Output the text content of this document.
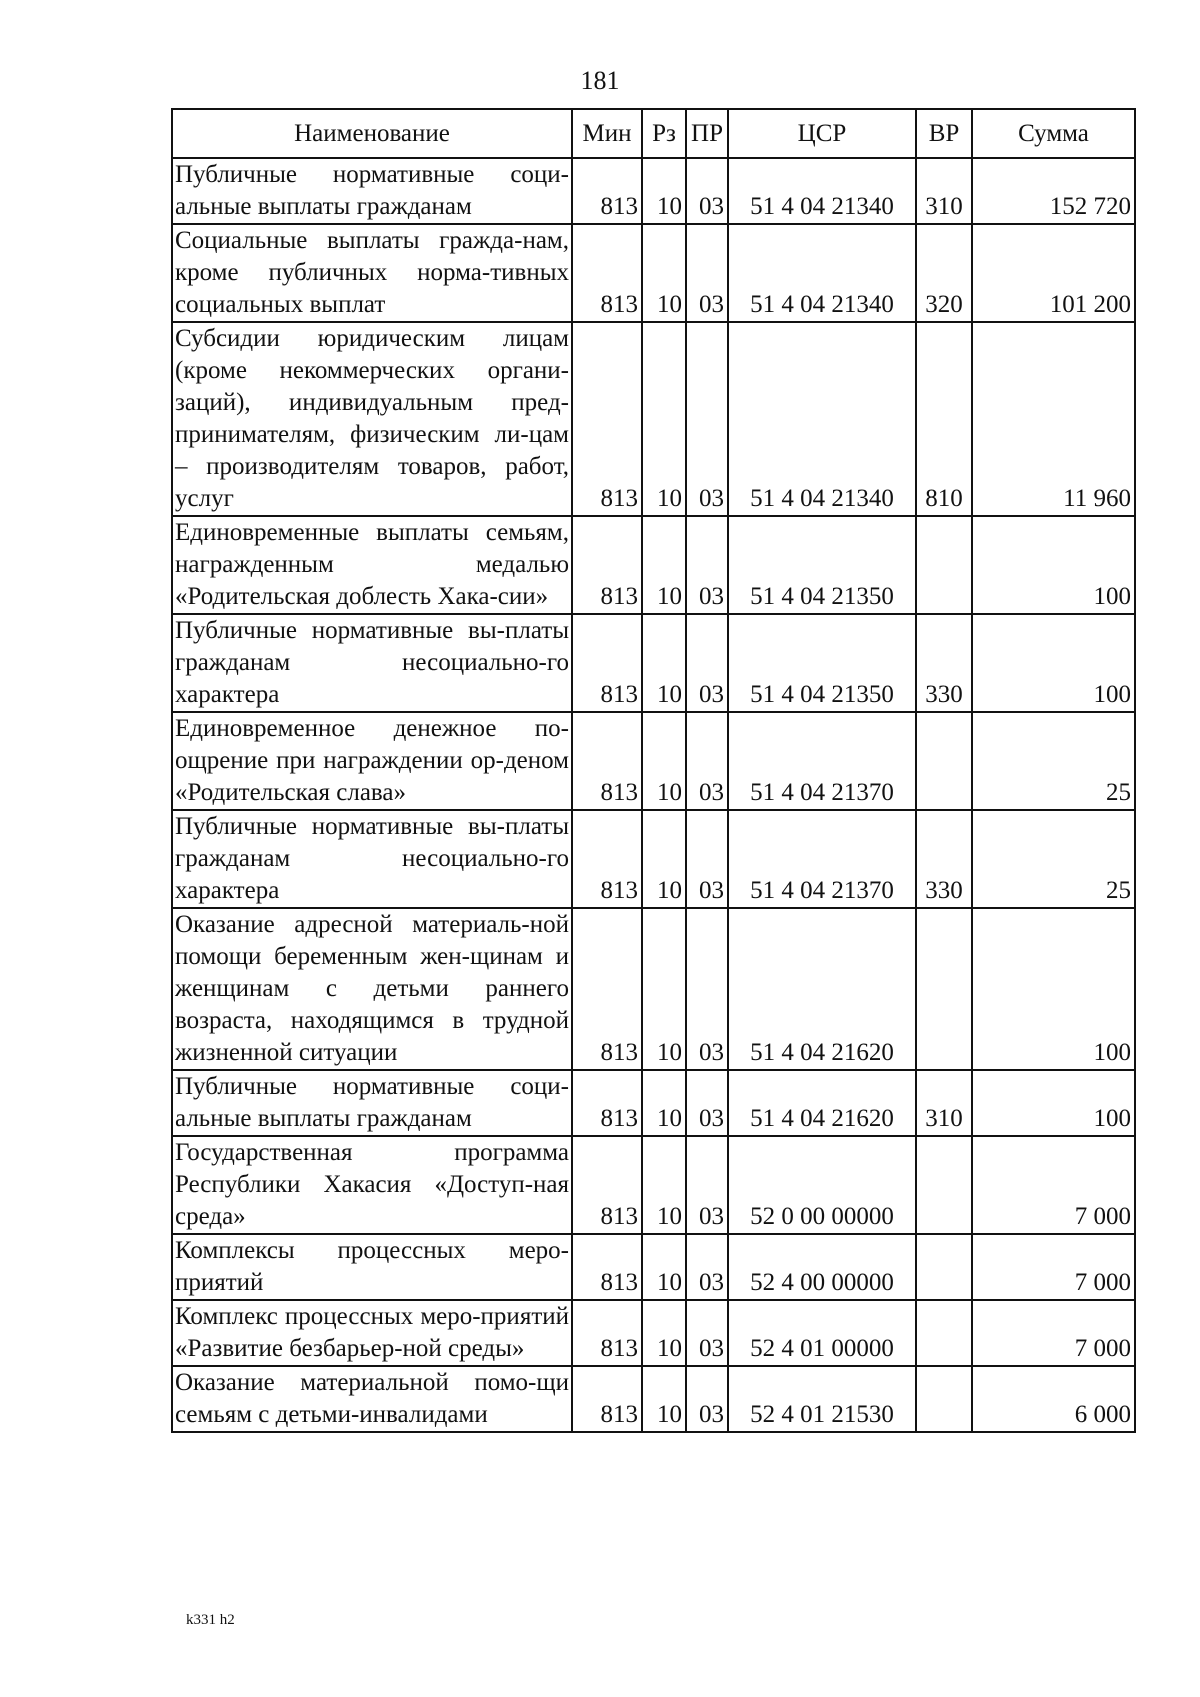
181
Наименование	Мин	Рз	ПР	ЦСР	ВР	Сумма
Публичные нормативные соци-альные выплаты гражданам	813	10	03	51 4 04 21340	310	152 720
Социальные выплаты гражда-нам, кроме публичных норма-тивных социальных выплат	813	10	03	51 4 04 21340	320	101 200
Субсидии юридическим лицам (кроме некоммерческих органи-заций), индивидуальным пред-принимателям, физическим ли-цам – производителям товаров, работ, услуг	813	10	03	51 4 04 21340	810	11 960
Единовременные выплаты семьям, награжденным медалью «Родительская доблесть Хака-сии»	813	10	03	51 4 04 21350		100
Публичные нормативные вы-платы гражданам несоциально-го характера	813	10	03	51 4 04 21350	330	100
Единовременное денежное по-ощрение при награждении ор-деном «Родительская слава»	813	10	03	51 4 04 21370		25
Публичные нормативные вы-платы гражданам несоциально-го характера	813	10	03	51 4 04 21370	330	25
Оказание адресной материаль-ной помощи беременным жен-щинам и женщинам с детьми раннего возраста, находящимся в трудной жизненной ситуации	813	10	03	51 4 04 21620		100
Публичные нормативные соци-альные выплаты гражданам	813	10	03	51 4 04 21620	310	100
Государственная программа Республики Хакасия «Доступ-ная среда»	813	10	03	52 0 00 00000		7 000
Комплексы процессных меро-приятий	813	10	03	52 4 00 00000		7 000
Комплекс процессных меро-приятий «Развитие безбарьер-ной среды»	813	10	03	52 4 01 00000		7 000
Оказание материальной помо-щи семьям с детьми-инвалидами	813	10	03	52 4 01 21530		6 000
k331 h2
